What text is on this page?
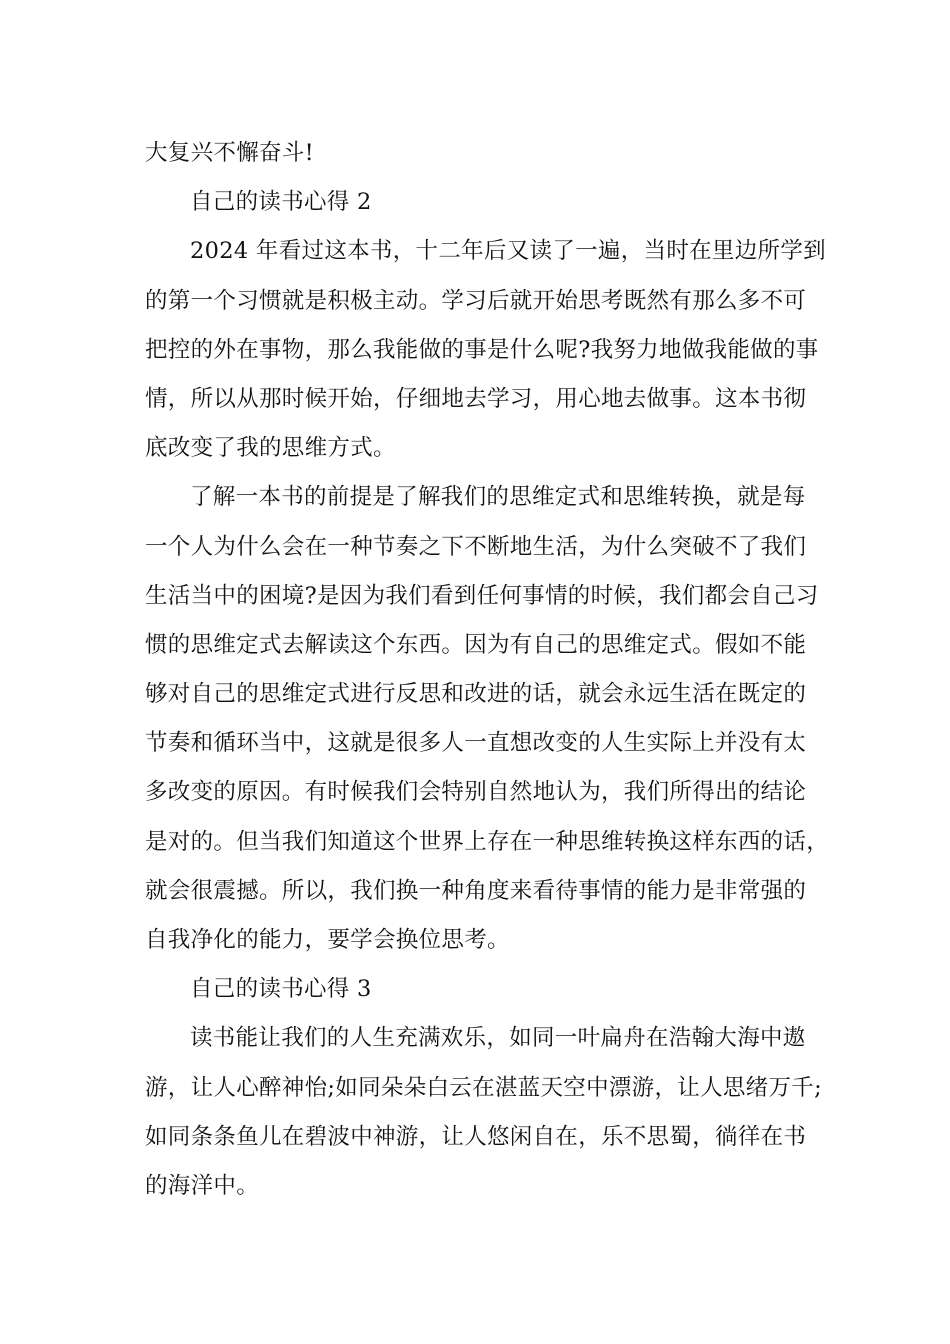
大复兴不懈奋斗!
自己的读书心得 2
2024 年看过这本书，十二年后又读了一遍，当时在里边所学到
的第一个习惯就是积极主动。学习后就开始思考既然有那么多不可
把控的外在事物，那么我能做的事是什么呢?我努力地做我能做的事
情，所以从那时候开始，仔细地去学习，用心地去做事。这本书彻
底改变了我的思维方式。
了解一本书的前提是了解我们的思维定式和思维转换，就是每
一个人为什么会在一种节奏之下不断地生活，为什么突破不了我们
生活当中的困境?是因为我们看到任何事情的时候，我们都会自己习
惯的思维定式去解读这个东西。因为有自己的思维定式。假如不能
够对自己的思维定式进行反思和改进的话，就会永远生活在既定的
节奏和循环当中，这就是很多人一直想改变的人生实际上并没有太
多改变的原因。有时候我们会特别自然地认为，我们所得出的结论
是对的。但当我们知道这个世界上存在一种思维转换这样东西的话，
就会很震撼。所以，我们换一种角度来看待事情的能力是非常强的
自我净化的能力，要学会换位思考。
自己的读书心得 3
读书能让我们的人生充满欢乐，如同一叶扁舟在浩翰大海中遨
游，让人心醉神怡;如同朵朵白云在湛蓝天空中漂游，让人思绪万千;
如同条条鱼儿在碧波中神游，让人悠闲自在，乐不思蜀，徜徉在书
的海洋中。
